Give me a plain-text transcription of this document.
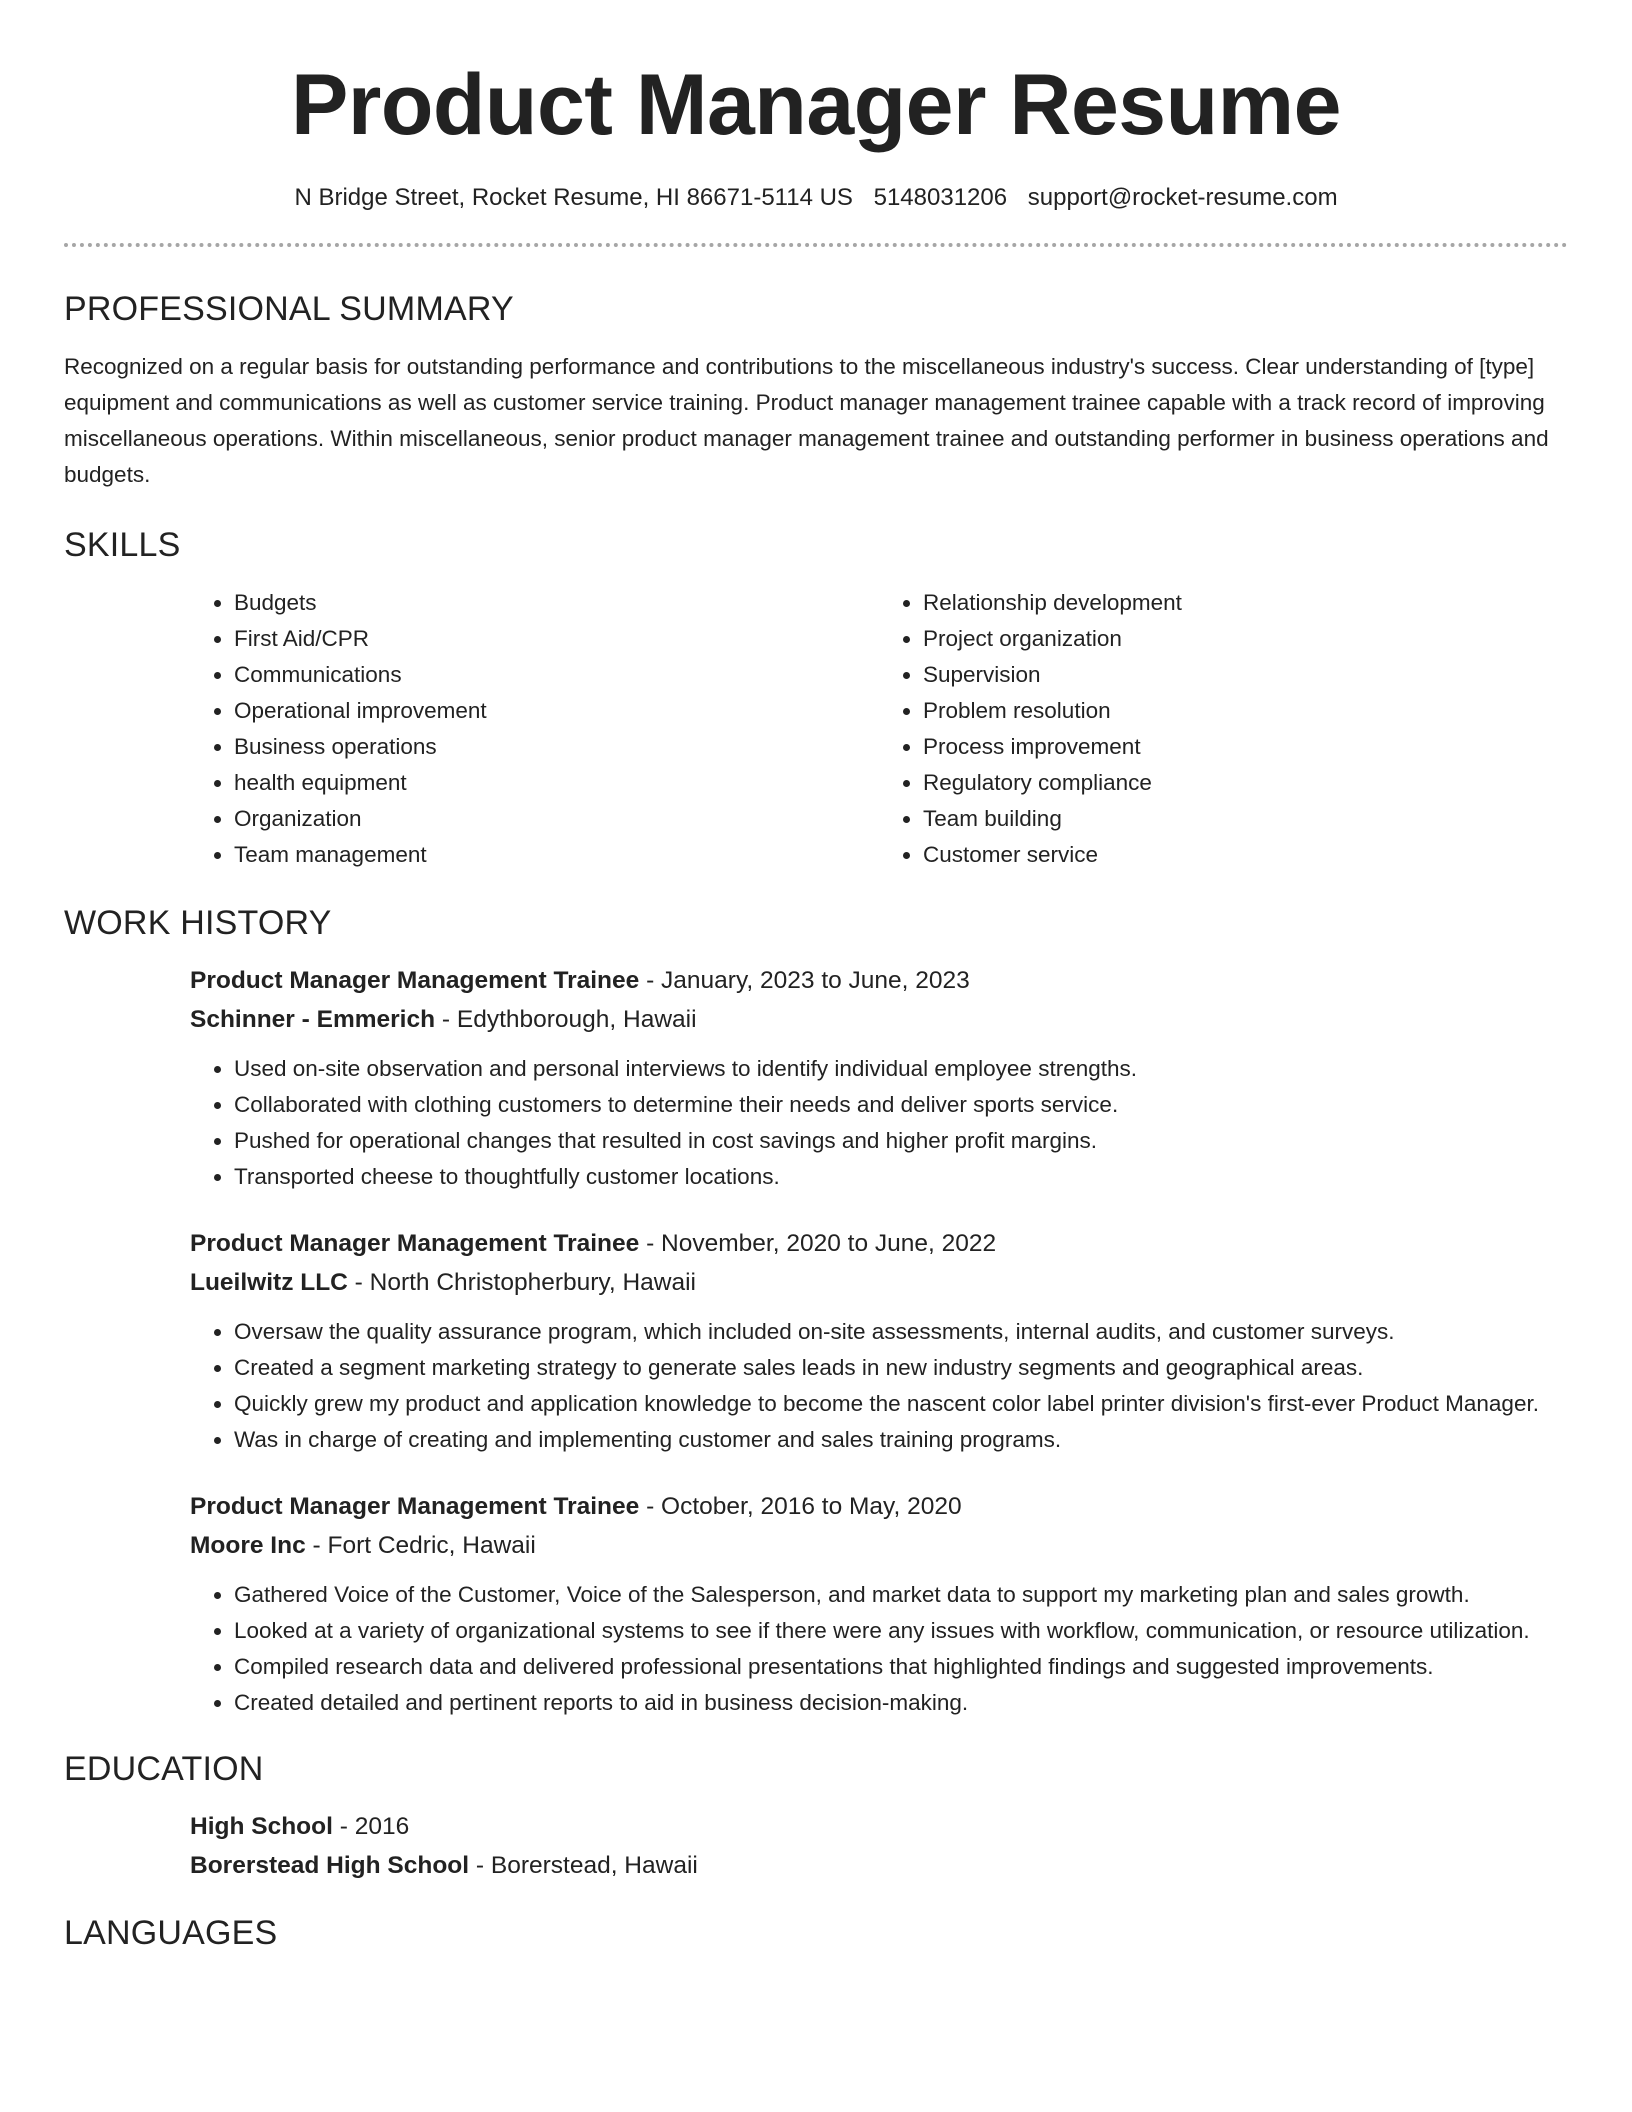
Product Manager Resume
N Bridge Street, Rocket Resume, HI 86671-5114 US 5148031206 support@rocket-resume.com
PROFESSIONAL SUMMARY

Recognized on a regular basis for outstanding performance and contributions to the miscellaneous industry's success. Clear understanding of [type] equipment and communications as well as customer service training. Product manager management trainee capable with a track record of improving miscellaneous operations. Within miscellaneous, senior product manager management trainee and outstanding performer in business operations and budgets.

SKILLS
• Budgets
• First Aid/CPR
• Communications
• Operational improvement
• Business operations
• health equipment
• Organization
• Team management
• Relationship development
• Project organization
• Supervision
• Problem resolution
• Process improvement
• Regulatory compliance
• Team building
• Customer service
WORK HISTORY
Product Manager Management Trainee - January, 2023 to June, 2023
Schinner - Emmerich - Edythborough, Hawaii
• Used on-site observation and personal interviews to identify individual employee strengths.
• Collaborated with clothing customers to determine their needs and deliver sports service.
• Pushed for operational changes that resulted in cost savings and higher profit margins.
• Transported cheese to thoughtfully customer locations.
Product Manager Management Trainee - November, 2020 to June, 2022
Lueilwitz LLC - North Christopherbury, Hawaii
• Oversaw the quality assurance program, which included on-site assessments, internal audits, and customer surveys.
• Created a segment marketing strategy to generate sales leads in new industry segments and geographical areas.
• Quickly grew my product and application knowledge to become the nascent color label printer division's first-ever Product Manager.
• Was in charge of creating and implementing customer and sales training programs.
Product Manager Management Trainee - October, 2016 to May, 2020
Moore Inc - Fort Cedric, Hawaii
• Gathered Voice of the Customer, Voice of the Salesperson, and market data to support my marketing plan and sales growth.
• Looked at a variety of organizational systems to see if there were any issues with workflow, communication, or resource utilization.
• Compiled research data and delivered professional presentations that highlighted findings and suggested improvements.
• Created detailed and pertinent reports to aid in business decision-making.
EDUCATION
High School - 2016
Borerstead High School - Borerstead, Hawaii
LANGUAGES
